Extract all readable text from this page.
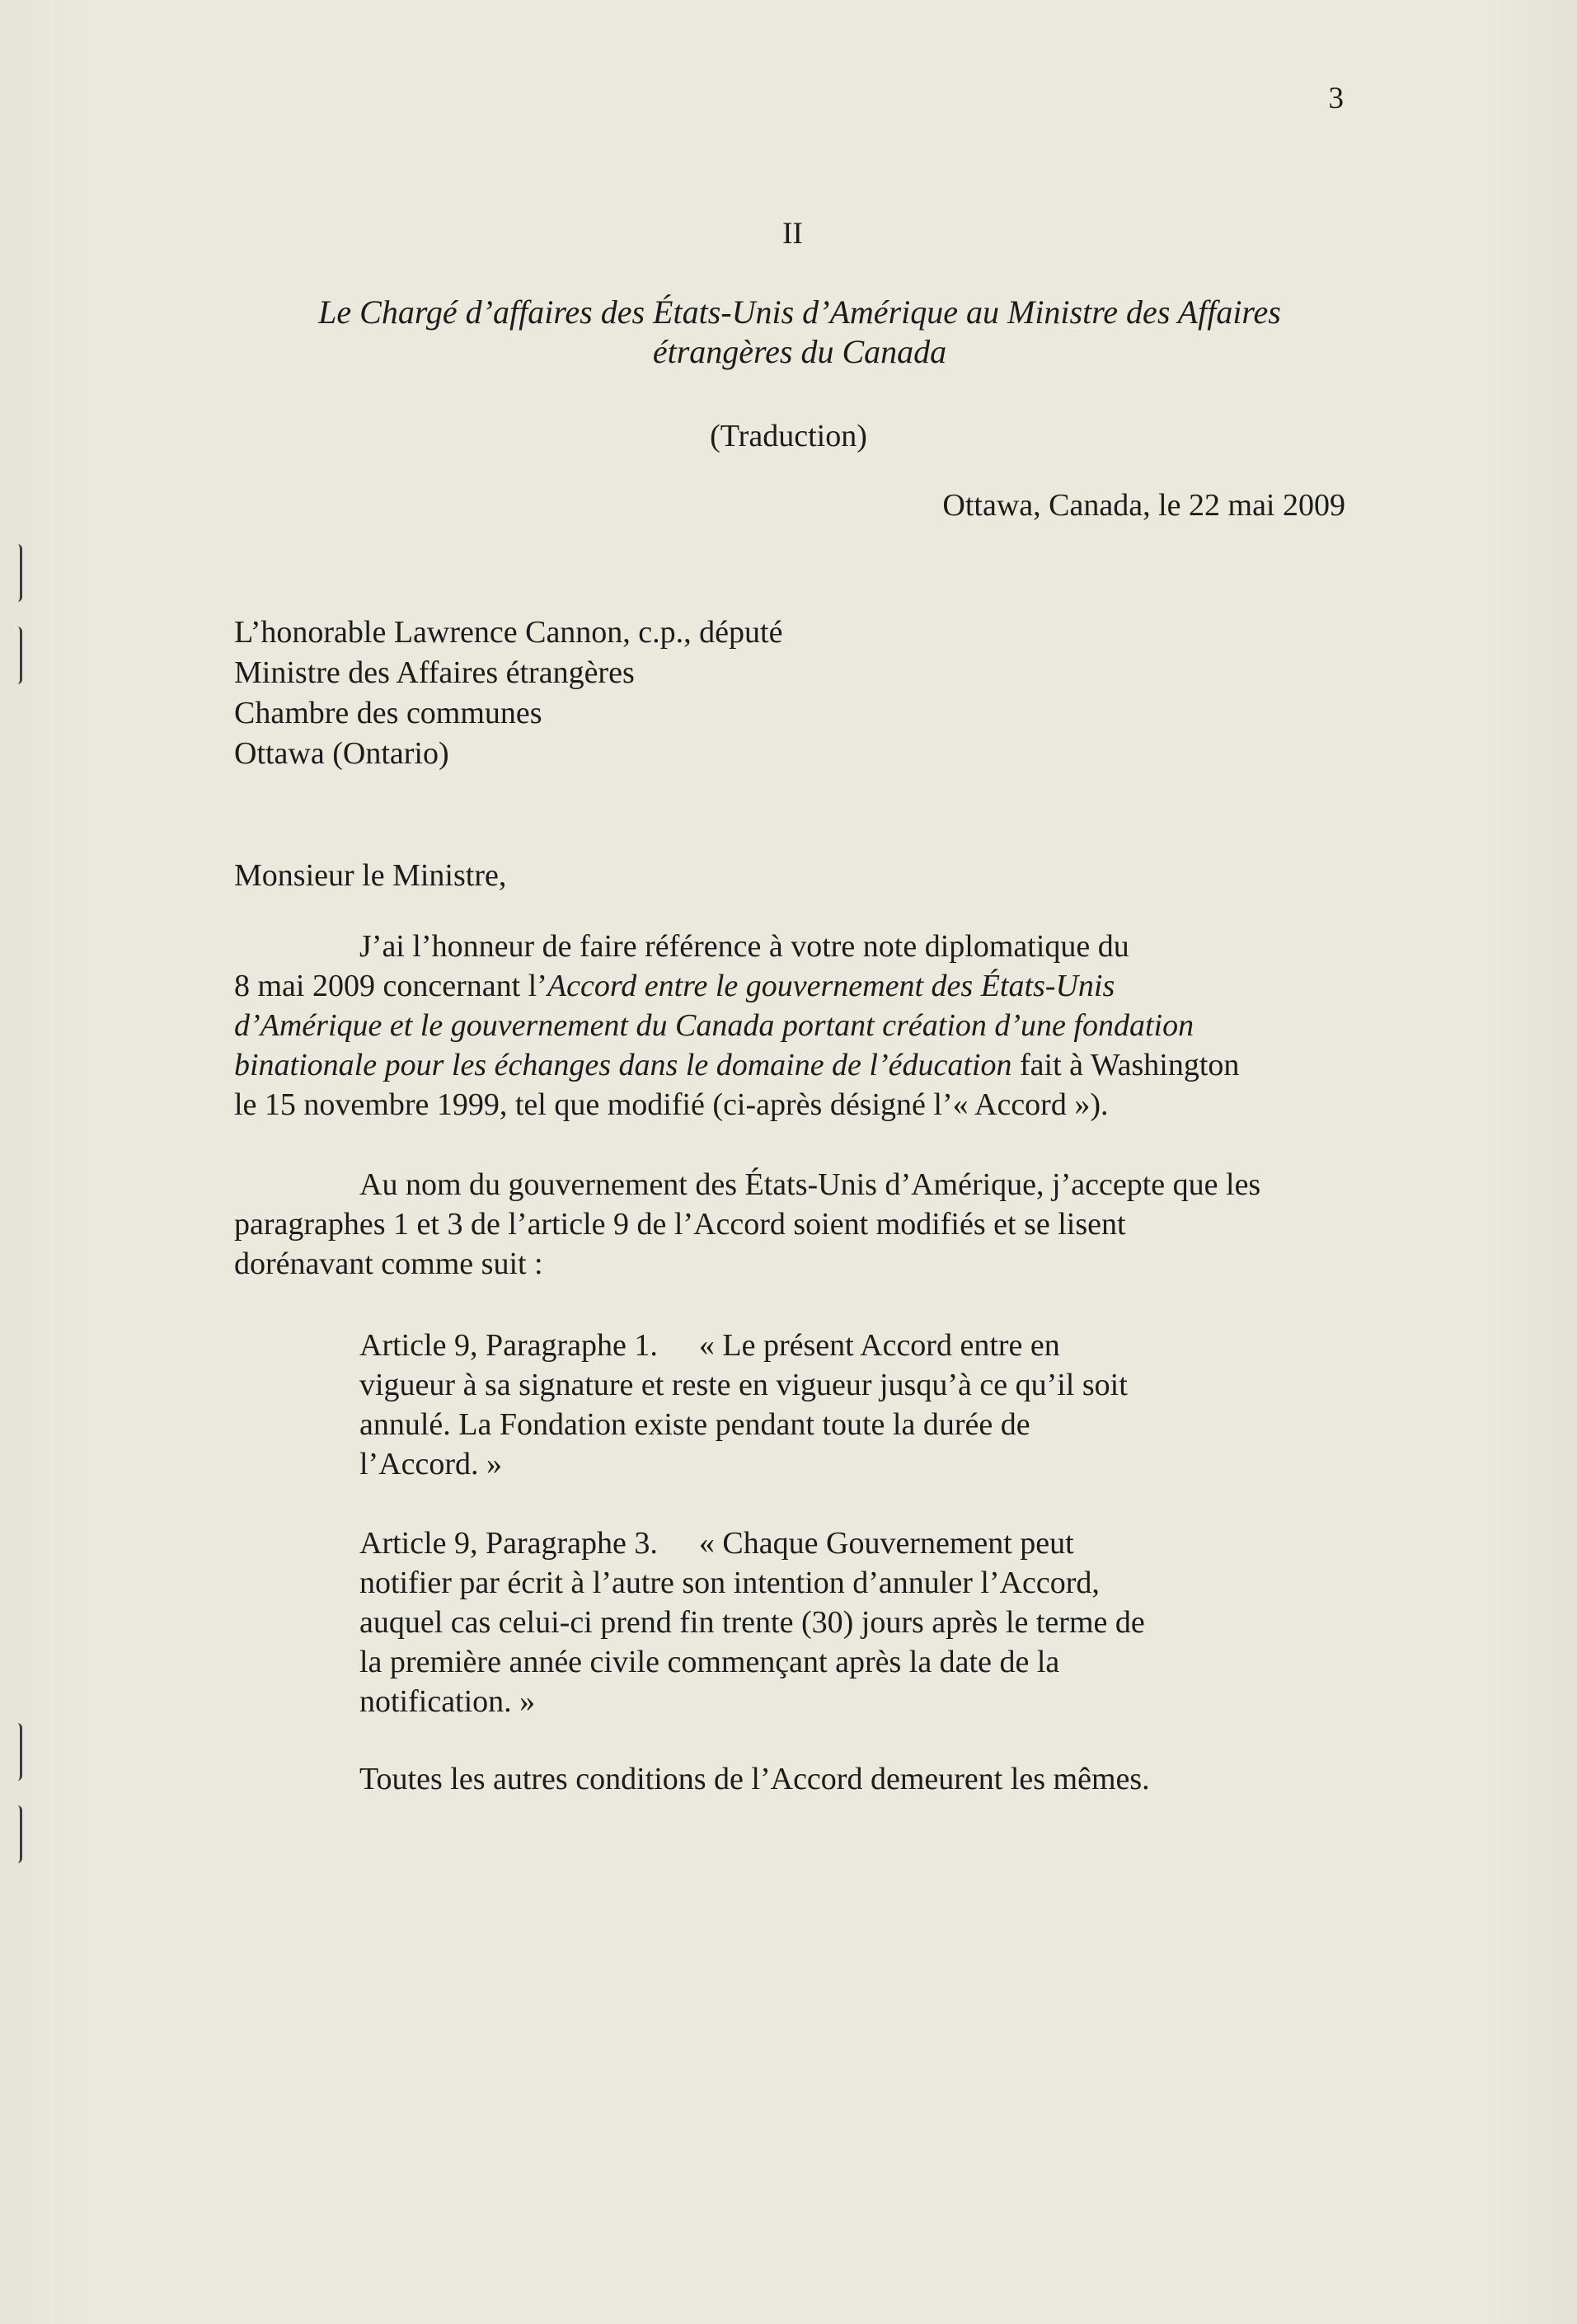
3

II

Le Chargé d’affaires des États-Unis d’Amérique au Ministre des Affaires
étrangères du Canada

(Traduction)

Ottawa, Canada, le 22 mai 2009

L’honorable Lawrence Cannon, c.p., député
Ministre des Affaires étrangères
Chambre des communes
Ottawa (Ontario)

Monsieur le Ministre,

J’ai l’honneur de faire référence à votre note diplomatique du
8 mai 2009 concernant l’Accord entre le gouvernement des États-Unis
d’Amérique et le gouvernement du Canada portant création d’une fondation
binationale pour les échanges dans le domaine de l’éducation fait à Washington
le 15 novembre 1999, tel que modifié (ci-après désigné l’« Accord »).
Au nom du gouvernement des États-Unis d’Amérique, j’accepte que les
paragraphes 1 et 3 de l’article 9 de l’Accord soient modifiés et se lisent
dorénavant comme suit :
Article 9, Paragraphe 1. « Le présent Accord entre en
vigueur à sa signature et reste en vigueur jusqu’à ce qu’il soit
annulé. La Fondation existe pendant toute la durée de
l’Accord. »
Article 9, Paragraphe 3. « Chaque Gouvernement peut
notifier par écrit à l’autre son intention d’annuler l’Accord,
auquel cas celui-ci prend fin trente (30) jours après le terme de
la première année civile commençant après la date de la
notification. »

Toutes les autres conditions de l’Accord demeurent les mêmes.
